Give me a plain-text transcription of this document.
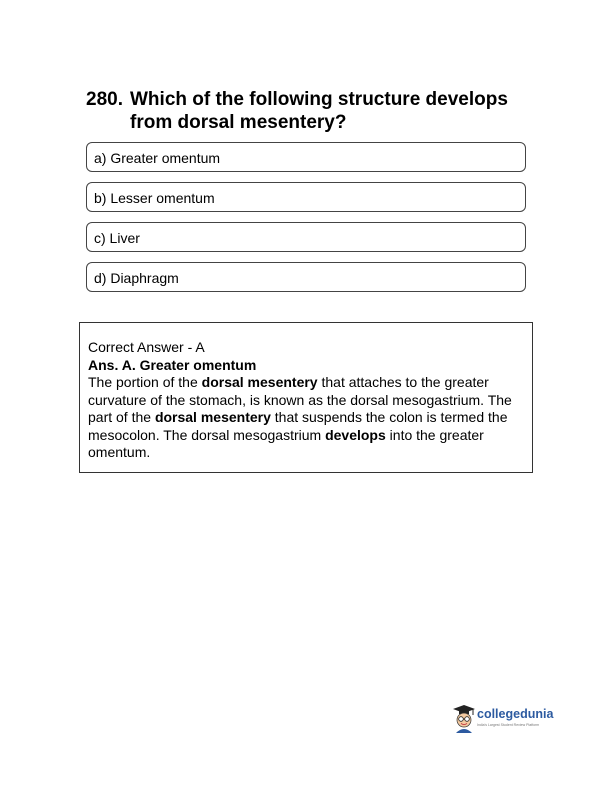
280. Which of the following structure develops from dorsal mesentery?
a) Greater omentum
b) Lesser omentum
c) Liver
d) Diaphragm
Correct Answer - A
Ans. A. Greater omentum
The portion of the dorsal mesentery that attaches to the greater curvature of the stomach, is known as the dorsal mesogastrium. The part of the dorsal mesentery that suspends the colon is termed the mesocolon. The dorsal mesogastrium develops into the greater omentum.
collegedunia
India's Largest Student Review Platform
